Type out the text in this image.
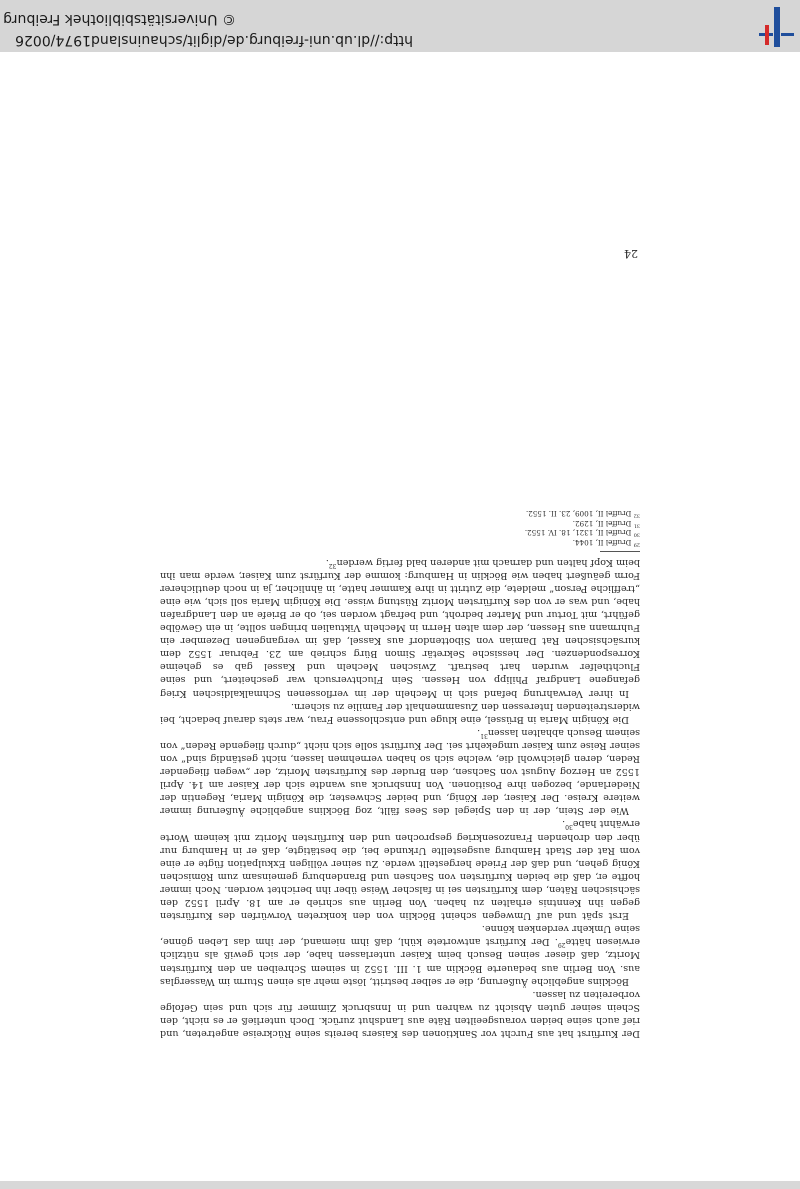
Der Kurfürst hat aus Furcht vor Sanktionen des Kaisers bereits seine Rückreise angetreten, und rief auch seine beiden vorausgeeilten Räte aus Landshut zurück. Doch unterließ er es nicht, den Schein seiner guten Absicht zu wahren und in Innsbruck Zimmer für sich und sein Gefolge vorbereiten zu lassen.

Böcklins angebliche Äußerung, die er selber bestritt, löste mehr als einen Sturm im Wasserglas aus. Von Berlin aus bedauerte Böcklin am 1. III. 1552 in seinem Schreiben an den Kurfürsten Moritz, daß dieser seinen Besuch beim Kaiser unterlassen habe, der sich gewiß als nützlich erwiesen hätte$^{29}$. Der Kurfürst antwortete kühl, daß ihm niemand, der ihm das Leben gönne, seine Umkehr verdenken könne.

Erst spät und auf Umwegen scheint Böcklin von den konkreten Vorwürfen des Kurfürsten gegen ihn Kenntnis erhalten zu haben. Von Berlin aus schrieb er am 18. April 1552 den sächsischen Räten, dem Kurfürsten sei in falscher Weise über ihn berichtet worden. Noch immer hoffte er, daß die beiden Kurfürsten von Sachsen und Brandenburg gemeinsam zum Römischen König gehen, und daß der Friede hergestellt werde. Zu seiner völligen Exkulpation fügte er eine vom Rat der Stadt Hamburg ausgestellte Urkunde bei, die bestätigte, daß er in Hamburg nur über den drohenden Franzosenkrieg gesprochen und den Kurfürsten Moritz mit keinem Worte erwähnt habe$^{30}$.

Wie der Stein, der in den Spiegel des Sees fällt, zog Böcklins angebliche Äußerung immer weitere Kreise. Der Kaiser, der König, und beider Schwester, die Königin Maria, Regentin der Niederlande, bezogen ihre Positionen. Von Innsbruck aus wandte sich der Kaiser am 14. April 1552 an Herzog August von Sachsen, den Bruder des Kurfürsten Moritz, der „wegen fliegender Reden, deren gleichwohl die, welche sich so haben vernehmen lassen, nicht geständig sind“ von seiner Reise zum Kaiser umgekehrt sei. Der Kurfürst solle sich nicht „durch fliegende Reden“ von seinem Besuch abhalten lassen$^{31}$.

Die Königin Maria in Brüssel, eine kluge und entschlossene Frau, war stets darauf bedacht, bei widerstreitenden Interessen den Zusammenhalt der Familie zu sichern.

In ihrer Verwahrung befand sich in Mecheln der im verflossenen Schmalkaldischen Krieg gefangene Landgraf Philipp von Hessen. Sein Fluchtversuch war gescheitert, und seine Fluchthelfer wurden hart bestraft. Zwischen Mecheln und Kassel gab es geheime Korrespondenzen. Der hessische Sekretär Simon Bürg schrieb am 23. Februar 1552 dem kursächsischen Rat Damian von Sibottendorf aus Kassel, daß im vergangenen Dezember ein Fuhrmann aus Hessen, der dem alten Herrn in Mecheln Viktualien bringen sollte, in ein Gewölbe geführt, mit Tortur und Marter bedroht, und befragt worden sei, ob er Briefe an den Landgrafen habe, und was er von des Kurfürsten Moritz Rüstung wisse. Die Königin Maria soll sich, wie eine „treffliche Person“ meldete, die Zutritt in ihre Kammer hatte, in ähnlicher, ja in noch deutlicherer Form geäußert haben wie Böcklin in Hamburg: komme der Kurfürst zum Kaiser, werde man ihn beim Kopf halten und darnach mit anderen bald fertig werden$^{32}$.

$^{29}$ Druffel II, 1044.
$^{30}$ Druffel II, 1321, 18. IV. 1552.
$^{31}$ Druffel II, 1292.
$^{32}$ Druffel II, 1009, 23. II. 1552.
24
http://dl.ub.uni-freiburg.de/diglit/schauinsland1974/0026
© Universitätsbibliothek Freiburg
